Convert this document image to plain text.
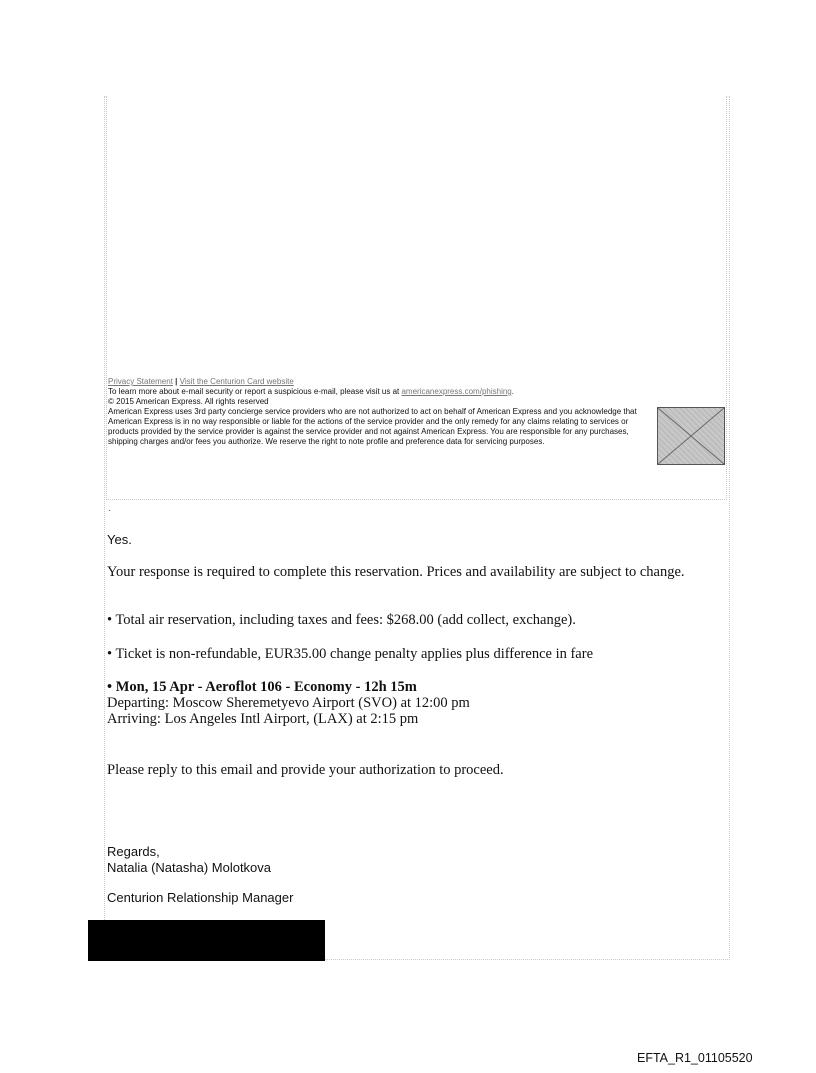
Privacy Statement | Visit the Centurion Card website
To learn more about e-mail security or report a suspicious e-mail, please visit us at americanexpress.com/phishing.
© 2015 American Express. All rights reserved
American Express uses 3rd party concierge service providers who are not authorized to act on behalf of American Express and you acknowledge that American Express is in no way responsible or liable for the actions of the service provider and the only remedy for any claims relating to services or products provided by the service provider is against the service provider and not against American Express. You are responsible for any purchases, shipping charges and/or fees you authorize. We reserve the right to note profile and preference data for servicing purposes.
.

Yes.

Your response is required to complete this reservation. Prices and availability are subject to change.

• Total air reservation, including taxes and fees: $268.00 (add collect, exchange).

• Ticket is non-refundable, EUR35.00 change penalty applies plus difference in fare

• Mon, 15 Apr - Aeroflot 106 - Economy - 12h 15m
Departing: Moscow Sheremetyevo Airport (SVO) at 12:00 pm
Arriving: Los Angeles Intl Airport, (LAX) at 2:15 pm

Please reply to this email and provide your authorization to proceed.

Regards,
Natalia (Natasha) Molotkova
Centurion Relationship Manager
EFTA_R1_01105520
